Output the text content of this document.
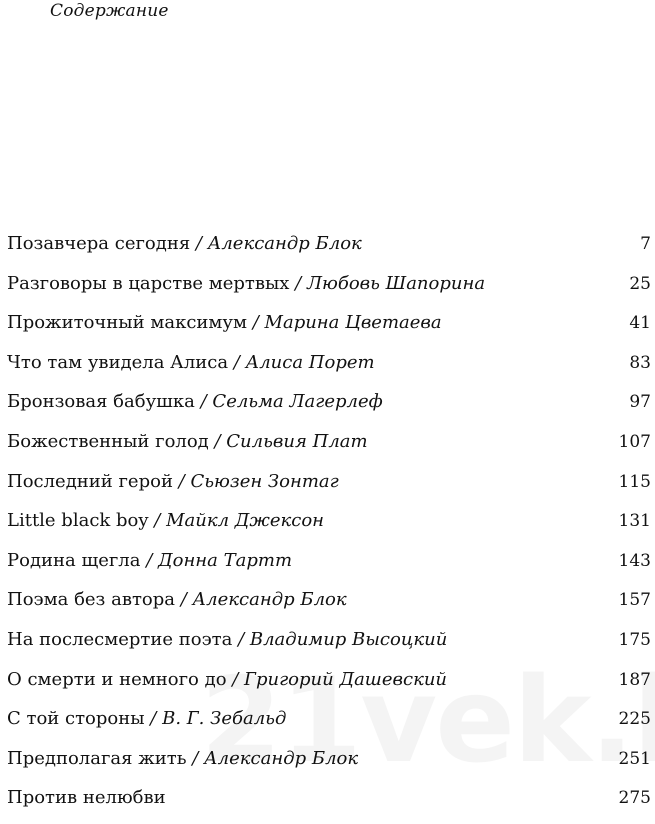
Содержание
Позавчера сегодня / Александр Блок	7
Разговоры в царстве мертвых / Любовь Шапорина	25
Прожиточный максимум / Марина Цветаева	41
Что там увидела Алиса / Алиса Порет	83
Бронзовая бабушка / Сельма Лагерлеф	97
Божественный голод / Сильвия Плат	107
Последний герой / Сьюзен Зонтаг	115
Little black boy / Майкл Джексон	131
Родина щегла / Донна Тартт	143
Поэма без автора / Александр Блок	157
На послесмертие поэта / Владимир Высоцкий	175
О смерти и немного до / Григорий Дашевский	187
С той стороны / В. Г. Зебальд	225
Предполагая жить / Александр Блок	251
Против нелюбви	275
